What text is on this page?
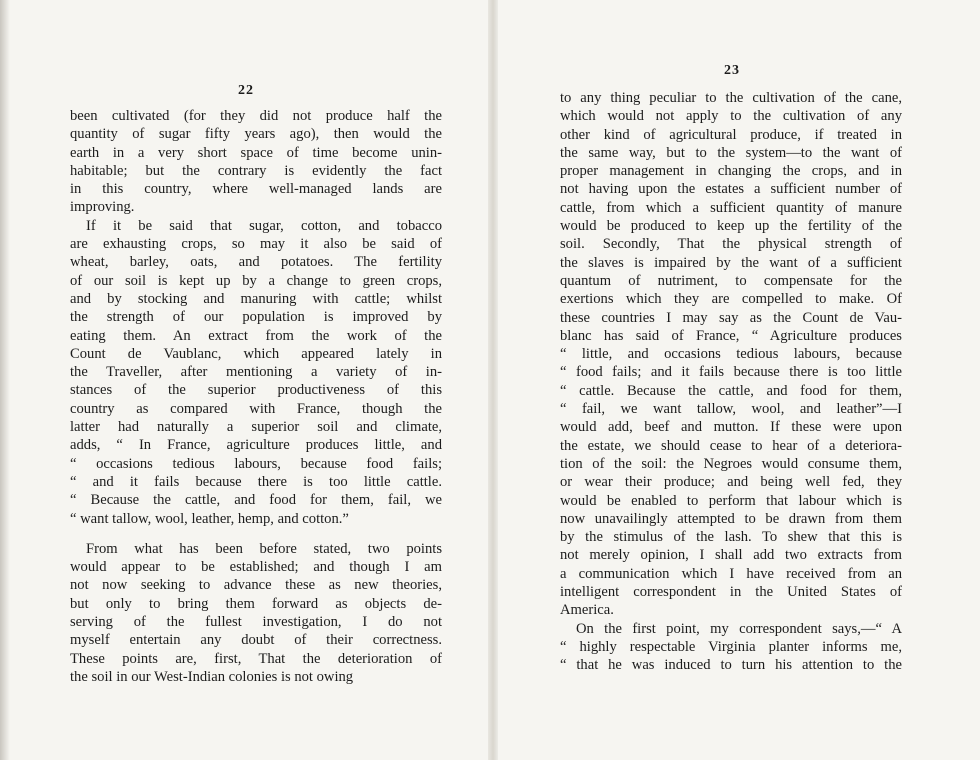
22
been cultivated (for they did not produce half the
quantity of sugar fifty years ago), then would the
earth in a very short space of time become unin-
habitable; but the contrary is evidently the fact
in this country, where well-managed lands are
improving.
If it be said that sugar, cotton, and tobacco
are exhausting crops, so may it also be said of
wheat, barley, oats, and potatoes. The fertility
of our soil is kept up by a change to green crops,
and by stocking and manuring with cattle; whilst
the strength of our population is improved by
eating them. An extract from the work of the
Count de Vaublanc, which appeared lately in
the Traveller, after mentioning a variety of in-
stances of the superior productiveness of this
country as compared with France, though the
latter had naturally a superior soil and climate,
adds, “ In France, agriculture produces little, and
“ occasions tedious labours, because food fails;
“ and it fails because there is too little cattle.
“ Because the cattle, and food for them, fail, we
“ want tallow, wool, leather, hemp, and cotton.”
From what has been before stated, two points
would appear to be established; and though I am
not now seeking to advance these as new theories,
but only to bring them forward as objects de-
serving of the fullest investigation, I do not
myself entertain any doubt of their correctness.
These points are, first, That the deterioration of
the soil in our West-Indian colonies is not owing
23
to any thing peculiar to the cultivation of the cane,
which would not apply to the cultivation of any
other kind of agricultural produce, if treated in
the same way, but to the system—to the want of
proper management in changing the crops, and in
not having upon the estates a sufficient number of
cattle, from which a sufficient quantity of manure
would be produced to keep up the fertility of the
soil. Secondly, That the physical strength of
the slaves is impaired by the want of a sufficient
quantum of nutriment, to compensate for the
exertions which they are compelled to make. Of
these countries I may say as the Count de Vau-
blanc has said of France, “ Agriculture produces
“ little, and occasions tedious labours, because
“ food fails; and it fails because there is too little
“ cattle. Because the cattle, and food for them,
“ fail, we want tallow, wool, and leather”—I
would add, beef and mutton. If these were upon
the estate, we should cease to hear of a deteriora-
tion of the soil: the Negroes would consume them,
or wear their produce; and being well fed, they
would be enabled to perform that labour which is
now unavailingly attempted to be drawn from them
by the stimulus of the lash. To shew that this is
not merely opinion, I shall add two extracts from
a communication which I have received from an
intelligent correspondent in the United States of
America.
On the first point, my correspondent says,—“ A
“ highly respectable Virginia planter informs me,
“ that he was induced to turn his attention to the
